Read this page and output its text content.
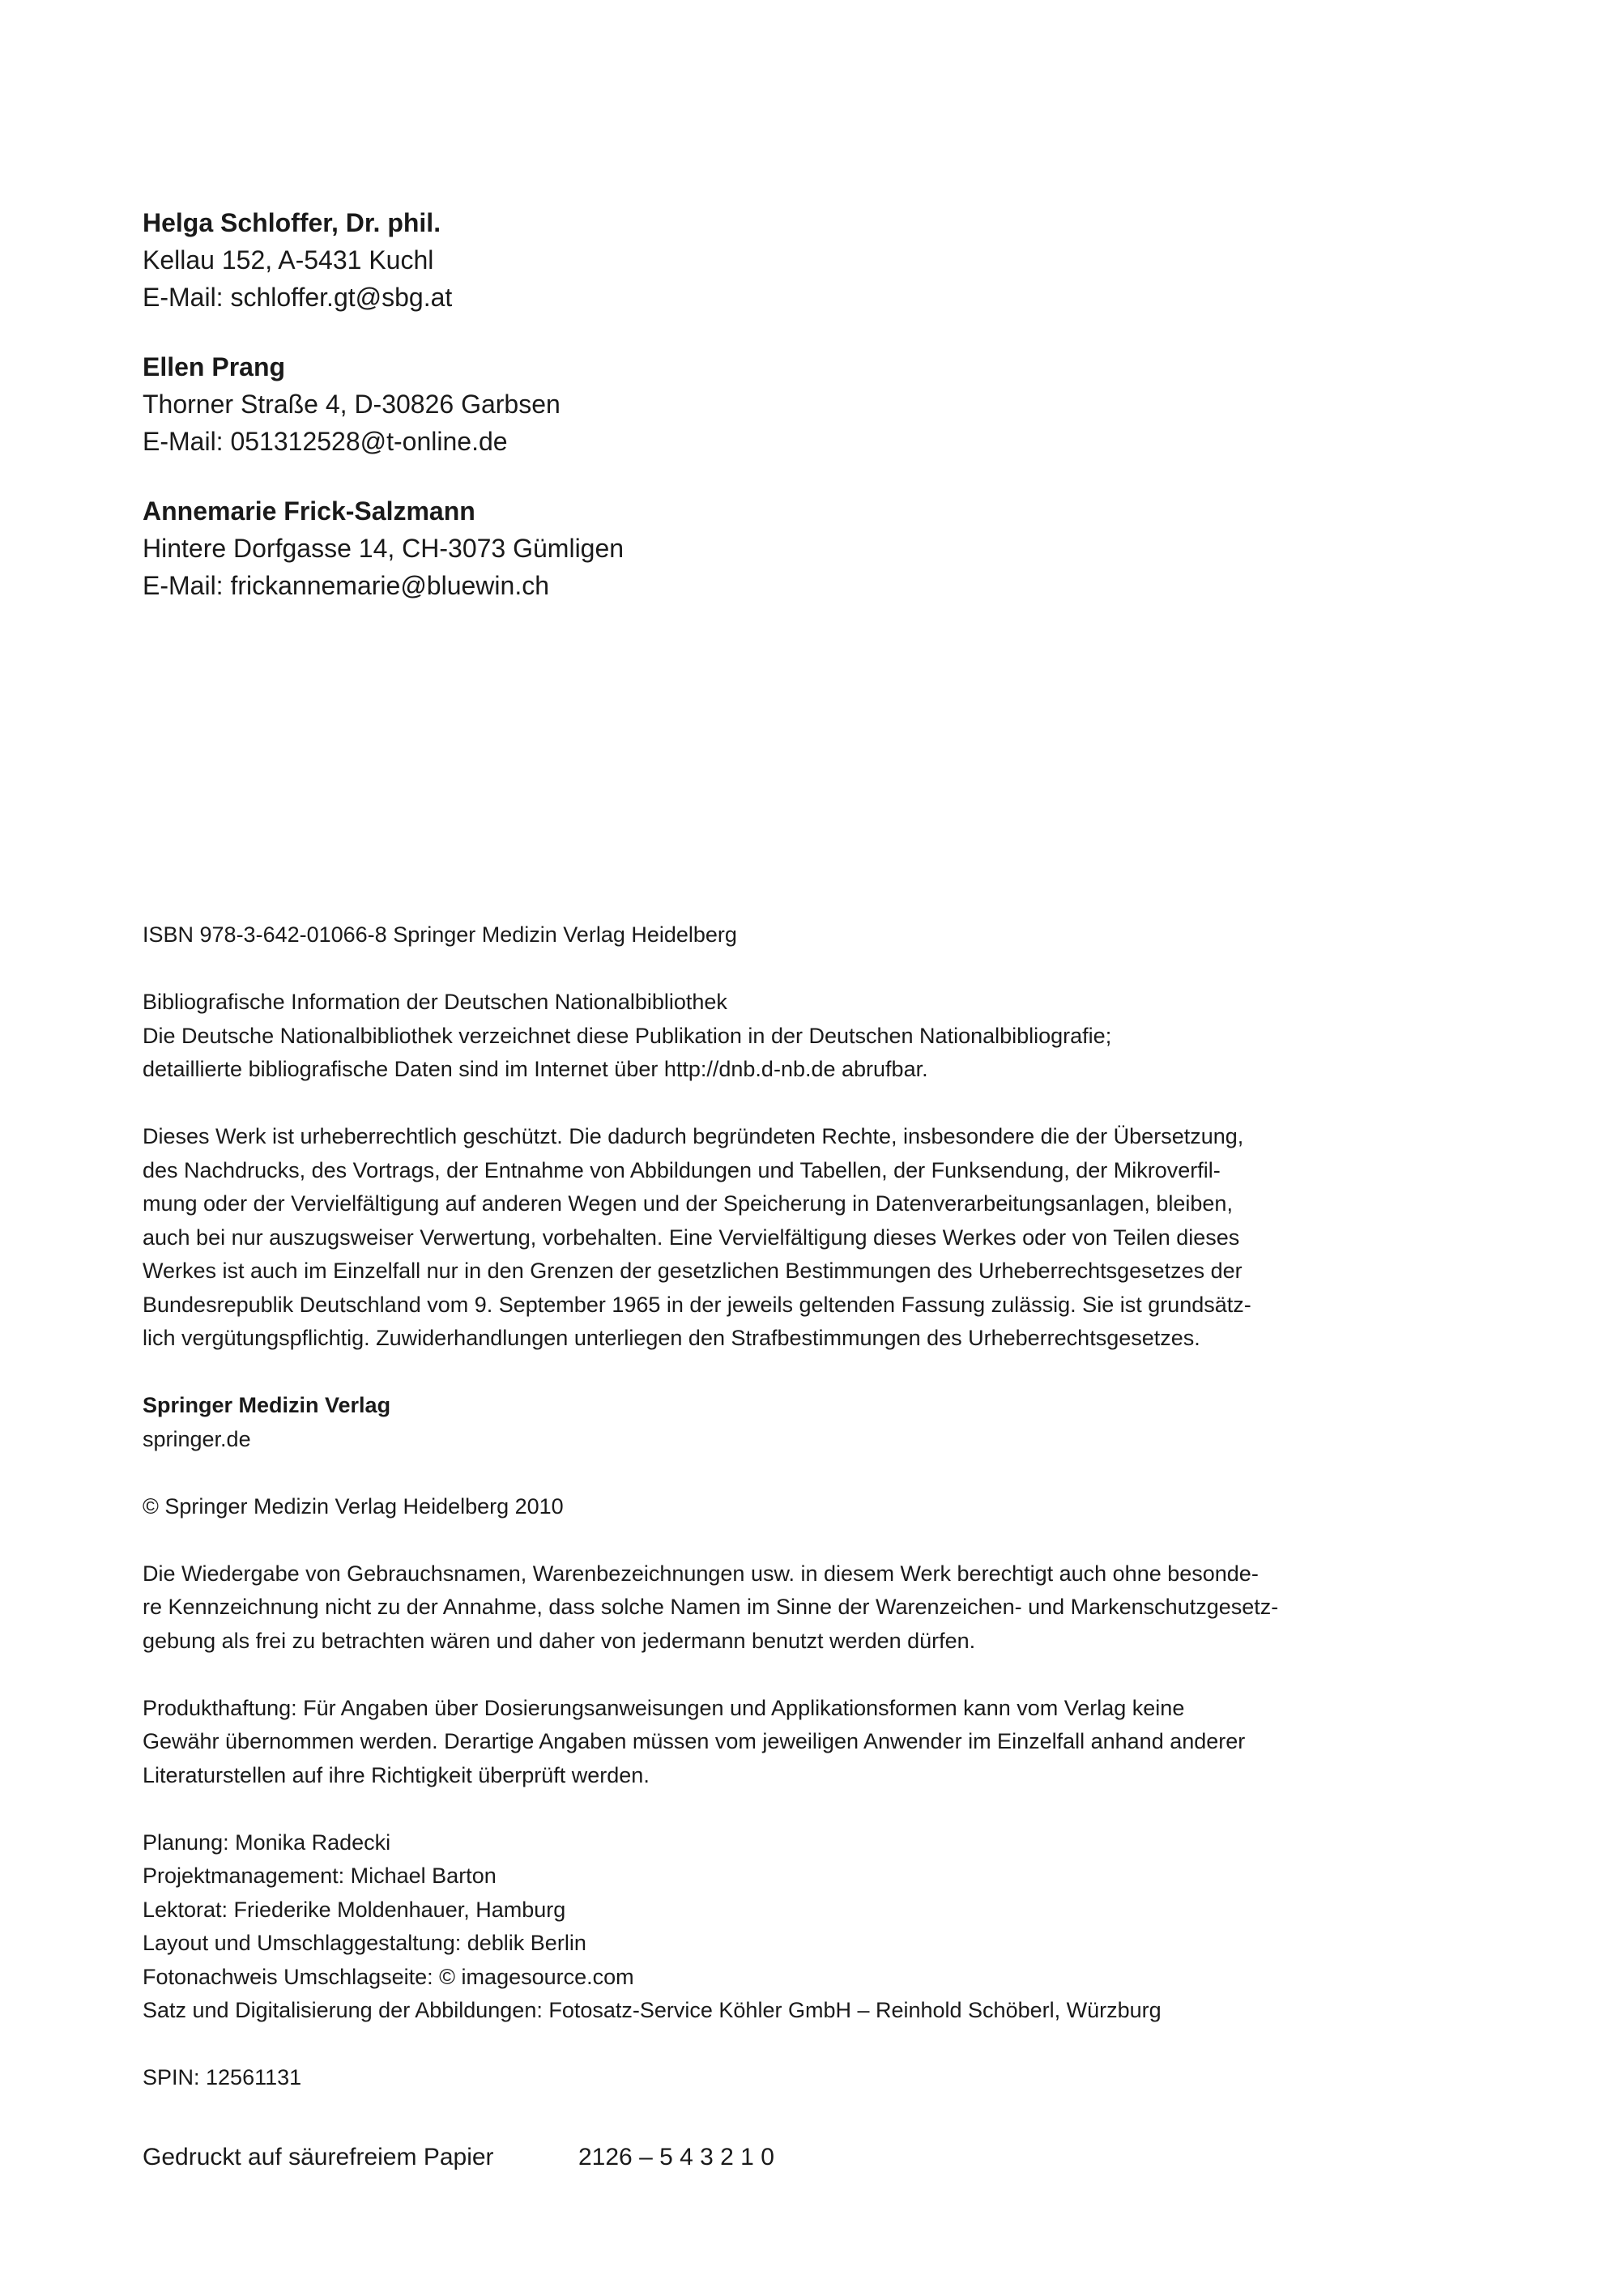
Helga Schloffer, Dr. phil.
Kellau 152, A-5431 Kuchl
E-Mail: schloffer.gt@sbg.at
Ellen Prang
Thorner Straße 4, D-30826 Garbsen
E-Mail: 051312528@t-online.de
Annemarie Frick-Salzmann
Hintere Dorfgasse 14, CH-3073 Gümligen
E-Mail: frickannemarie@bluewin.ch

ISBN 978-3-642-01066-8 Springer Medizin Verlag Heidelberg

Bibliografische Information der Deutschen Nationalbibliothek

Die Deutsche Nationalbibliothek verzeichnet diese Publikation in der Deutschen Nationalbibliografie;

detaillierte bibliografische Daten sind im Internet über http://dnb.d-nb.de abrufbar.

Dieses Werk ist urheberrechtlich geschützt. Die dadurch begründeten Rechte, insbesondere die der Übersetzung,

des Nachdrucks, des Vortrags, der Entnahme von Abbildungen und Tabellen, der Funksendung, der Mikroverfil-

mung oder der Vervielfältigung auf anderen Wegen und der Speicherung in Datenverarbeitungsanlagen, bleiben,

auch bei nur auszugsweiser Verwertung, vorbehalten. Eine Vervielfältigung dieses Werkes oder von Teilen dieses

Werkes ist auch im Einzelfall nur in den Grenzen der gesetzlichen Bestimmungen des Urheberrechtsgesetzes der

Bundesrepublik Deutschland vom 9. September 1965 in der jeweils geltenden Fassung zulässig. Sie ist grundsätz-

lich vergütungspflichtig. Zuwiderhandlungen unterliegen den Strafbestimmungen des Urheberrechtsgesetzes.

Springer Medizin Verlag

springer.de

© Springer Medizin Verlag Heidelberg 2010

Die Wiedergabe von Gebrauchsnamen, Warenbezeichnungen usw. in diesem Werk berechtigt auch ohne besonde-

re Kennzeichnung nicht zu der Annahme, dass solche Namen im Sinne der Warenzeichen- und Markenschutzgesetz-

gebung als frei zu betrachten wären und daher von jedermann benutzt werden dürfen.

Produkthaftung: Für Angaben über Dosierungsanweisungen und Applikationsformen kann vom Verlag keine

Gewähr übernommen werden. Derartige Angaben müssen vom jeweiligen Anwender im Einzelfall anhand anderer

Literaturstellen auf ihre Richtigkeit überprüft werden.

Planung: Monika Radecki

Projektmanagement: Michael Barton

Lektorat: Friederike Moldenhauer, Hamburg

Layout und Umschlaggestaltung: deblik Berlin

Fotonachweis Umschlagseite: © imagesource.com

Satz und Digitalisierung der Abbildungen: Fotosatz-Service Köhler GmbH – Reinhold Schöberl, Würzburg

SPIN: 12561131

Gedruckt auf säurefreiem Papier	2126 – 5 4 3 2 1 0
